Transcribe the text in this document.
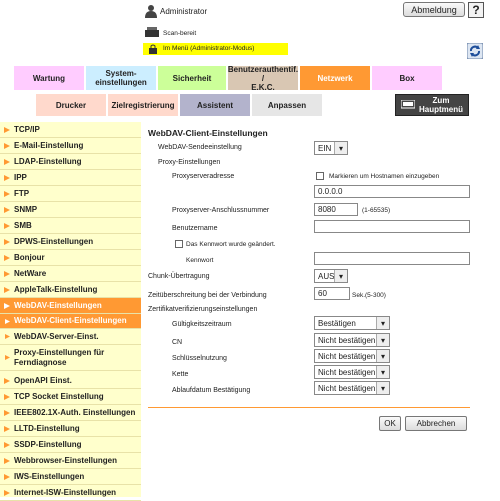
Administrator	Abmeldung	?
Scan-bereit
Im Menü (Administrator-Modus)
Wartung	System-
einstellungen	Sicherheit
Benutzerauthentif. /
E.K.C.
Netzwerk	Box
Drucker	Zielregistrierung	Assistent	Anpassen	Zum
Hauptmenü
TCP/IP
E-Mail-Einstellung
LDAP-Einstellung
IPP
FTP
SNMP
SMB
DPWS-Einstellungen
Bonjour
NetWare
AppleTalk-Einstellung
WebDAV-Einstellungen
WebDAV-Client-Einstellungen
WebDAV-Server-Einst.
Proxy-Einstellungen für
Ferndiagnose
OpenAPI Einst.
TCP Socket Einstellung
IEEE802.1X-Auth. Einstellungen
LLTD-Einstellung
SSDP-Einstellung
Webbrowser-Einstellungen
IWS-Einstellungen
Internet-ISW-Einstellungen
WebDAV-Client-Einstellungen
WebDAV-Sendeeinstellung	EIN ▾
Proxy-Einstellungen
Proxyserveradresse	Markieren um Hostnamen einzugeben
0.0.0.0
Proxyserver-Anschlussnummer	8080	(1-65535)
Benutzername
Das Kennwort wurde geändert.
Kennwort
Chunk-Übertragung	AUS ▾
Zeitüberschreitung bei der Verbindung	60	Sek.(5-300)
Zertifikatverifizierungseinstellungen
Gültigkeitszeitraum	Bestätigen	▾
CN	Nicht bestätigen ▾
Schlüsselnutzung	Nicht bestätigen ▾
Kette	Nicht bestätigen ▾
Ablaufdatum Bestätigung	Nicht bestätigen ▾
OK	Abbrechen
